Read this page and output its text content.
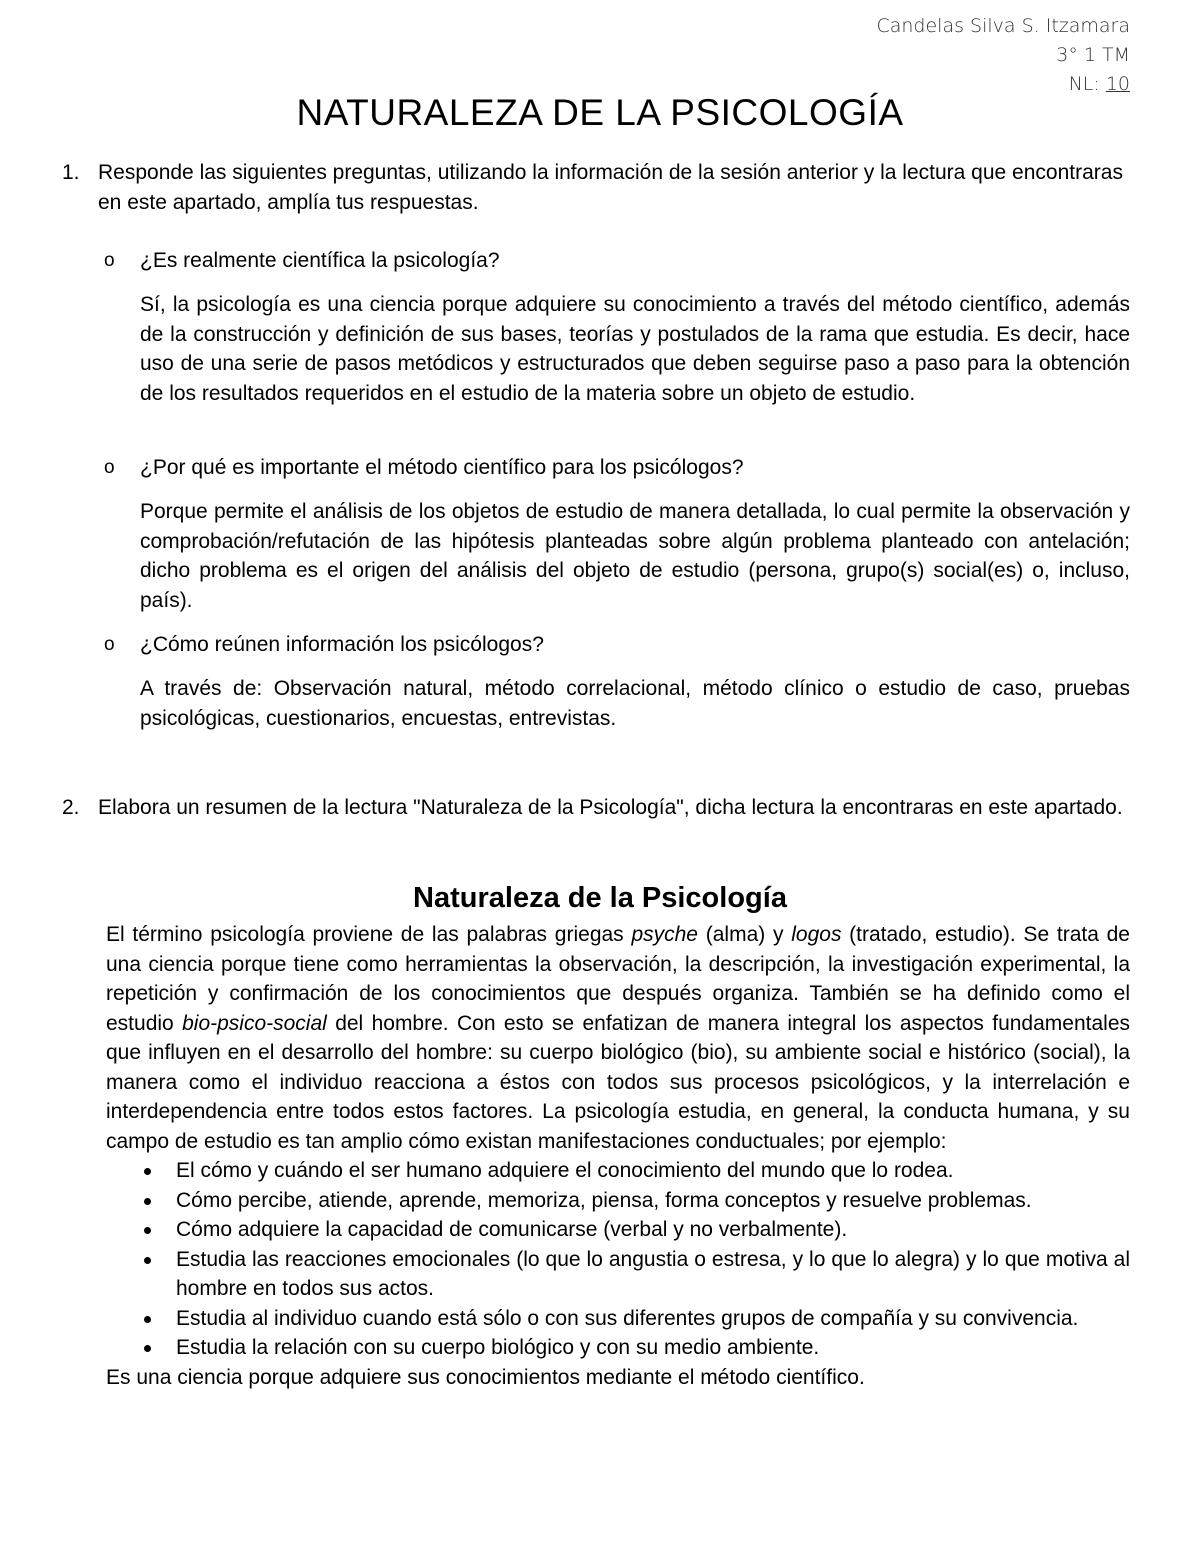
Candelas Silva S. Itzamara
3° 1 TM
NL: 10
NATURALEZA DE LA PSICOLOGÍA
1. Responde las siguientes preguntas, utilizando la información de la sesión anterior y la lectura que encontraras en este apartado, amplía tus respuestas.
o ¿Es realmente científica la psicología?
Sí, la psicología es una ciencia porque adquiere su conocimiento a través del método científico, además de la construcción y definición de sus bases, teorías y postulados de la rama que estudia. Es decir, hace uso de una serie de pasos metódicos y estructurados que deben seguirse paso a paso para la obtención de los resultados requeridos en el estudio de la materia sobre un objeto de estudio.
o ¿Por qué es importante el método científico para los psicólogos?
Porque permite el análisis de los objetos de estudio de manera detallada, lo cual permite la observación y comprobación/refutación de las hipótesis planteadas sobre algún problema planteado con antelación; dicho problema es el origen del análisis del objeto de estudio (persona, grupo(s) social(es) o, incluso, país).
o ¿Cómo reúnen información los psicólogos?
A través de: Observación natural, método correlacional, método clínico o estudio de caso, pruebas psicológicas, cuestionarios, encuestas, entrevistas.
2. Elabora un resumen de la lectura "Naturaleza de la Psicología", dicha lectura la encontraras en este apartado.
Naturaleza de la Psicología

El término psicología proviene de las palabras griegas psyche (alma) y logos (tratado, estudio). Se trata de una ciencia porque tiene como herramientas la observación, la descripción, la investigación experimental, la repetición y confirmación de los conocimientos que después organiza. También se ha definido como el estudio bio-psico-social del hombre. Con esto se enfatizan de manera integral los aspectos fundamentales que influyen en el desarrollo del hombre: su cuerpo biológico (bio), su ambiente social e histórico (social), la manera como el individuo reacciona a éstos con todos sus procesos psicológicos, y la interrelación e interdependencia entre todos estos factores. La psicología estudia, en general, la conducta humana, y su campo de estudio es tan amplio cómo existan manifestaciones conductuales; por ejemplo:

El cómo y cuándo el ser humano adquiere el conocimiento del mundo que lo rodea.
Cómo percibe, atiende, aprende, memoriza, piensa, forma conceptos y resuelve problemas.
Cómo adquiere la capacidad de comunicarse (verbal y no verbalmente).
Estudia las reacciones emocionales (lo que lo angustia o estresa, y lo que lo alegra) y lo que motiva al hombre en todos sus actos.
Estudia al individuo cuando está sólo o con sus diferentes grupos de compañía y su convivencia.
Estudia la relación con su cuerpo biológico y con su medio ambiente.

Es una ciencia porque adquiere sus conocimientos mediante el método científico.
